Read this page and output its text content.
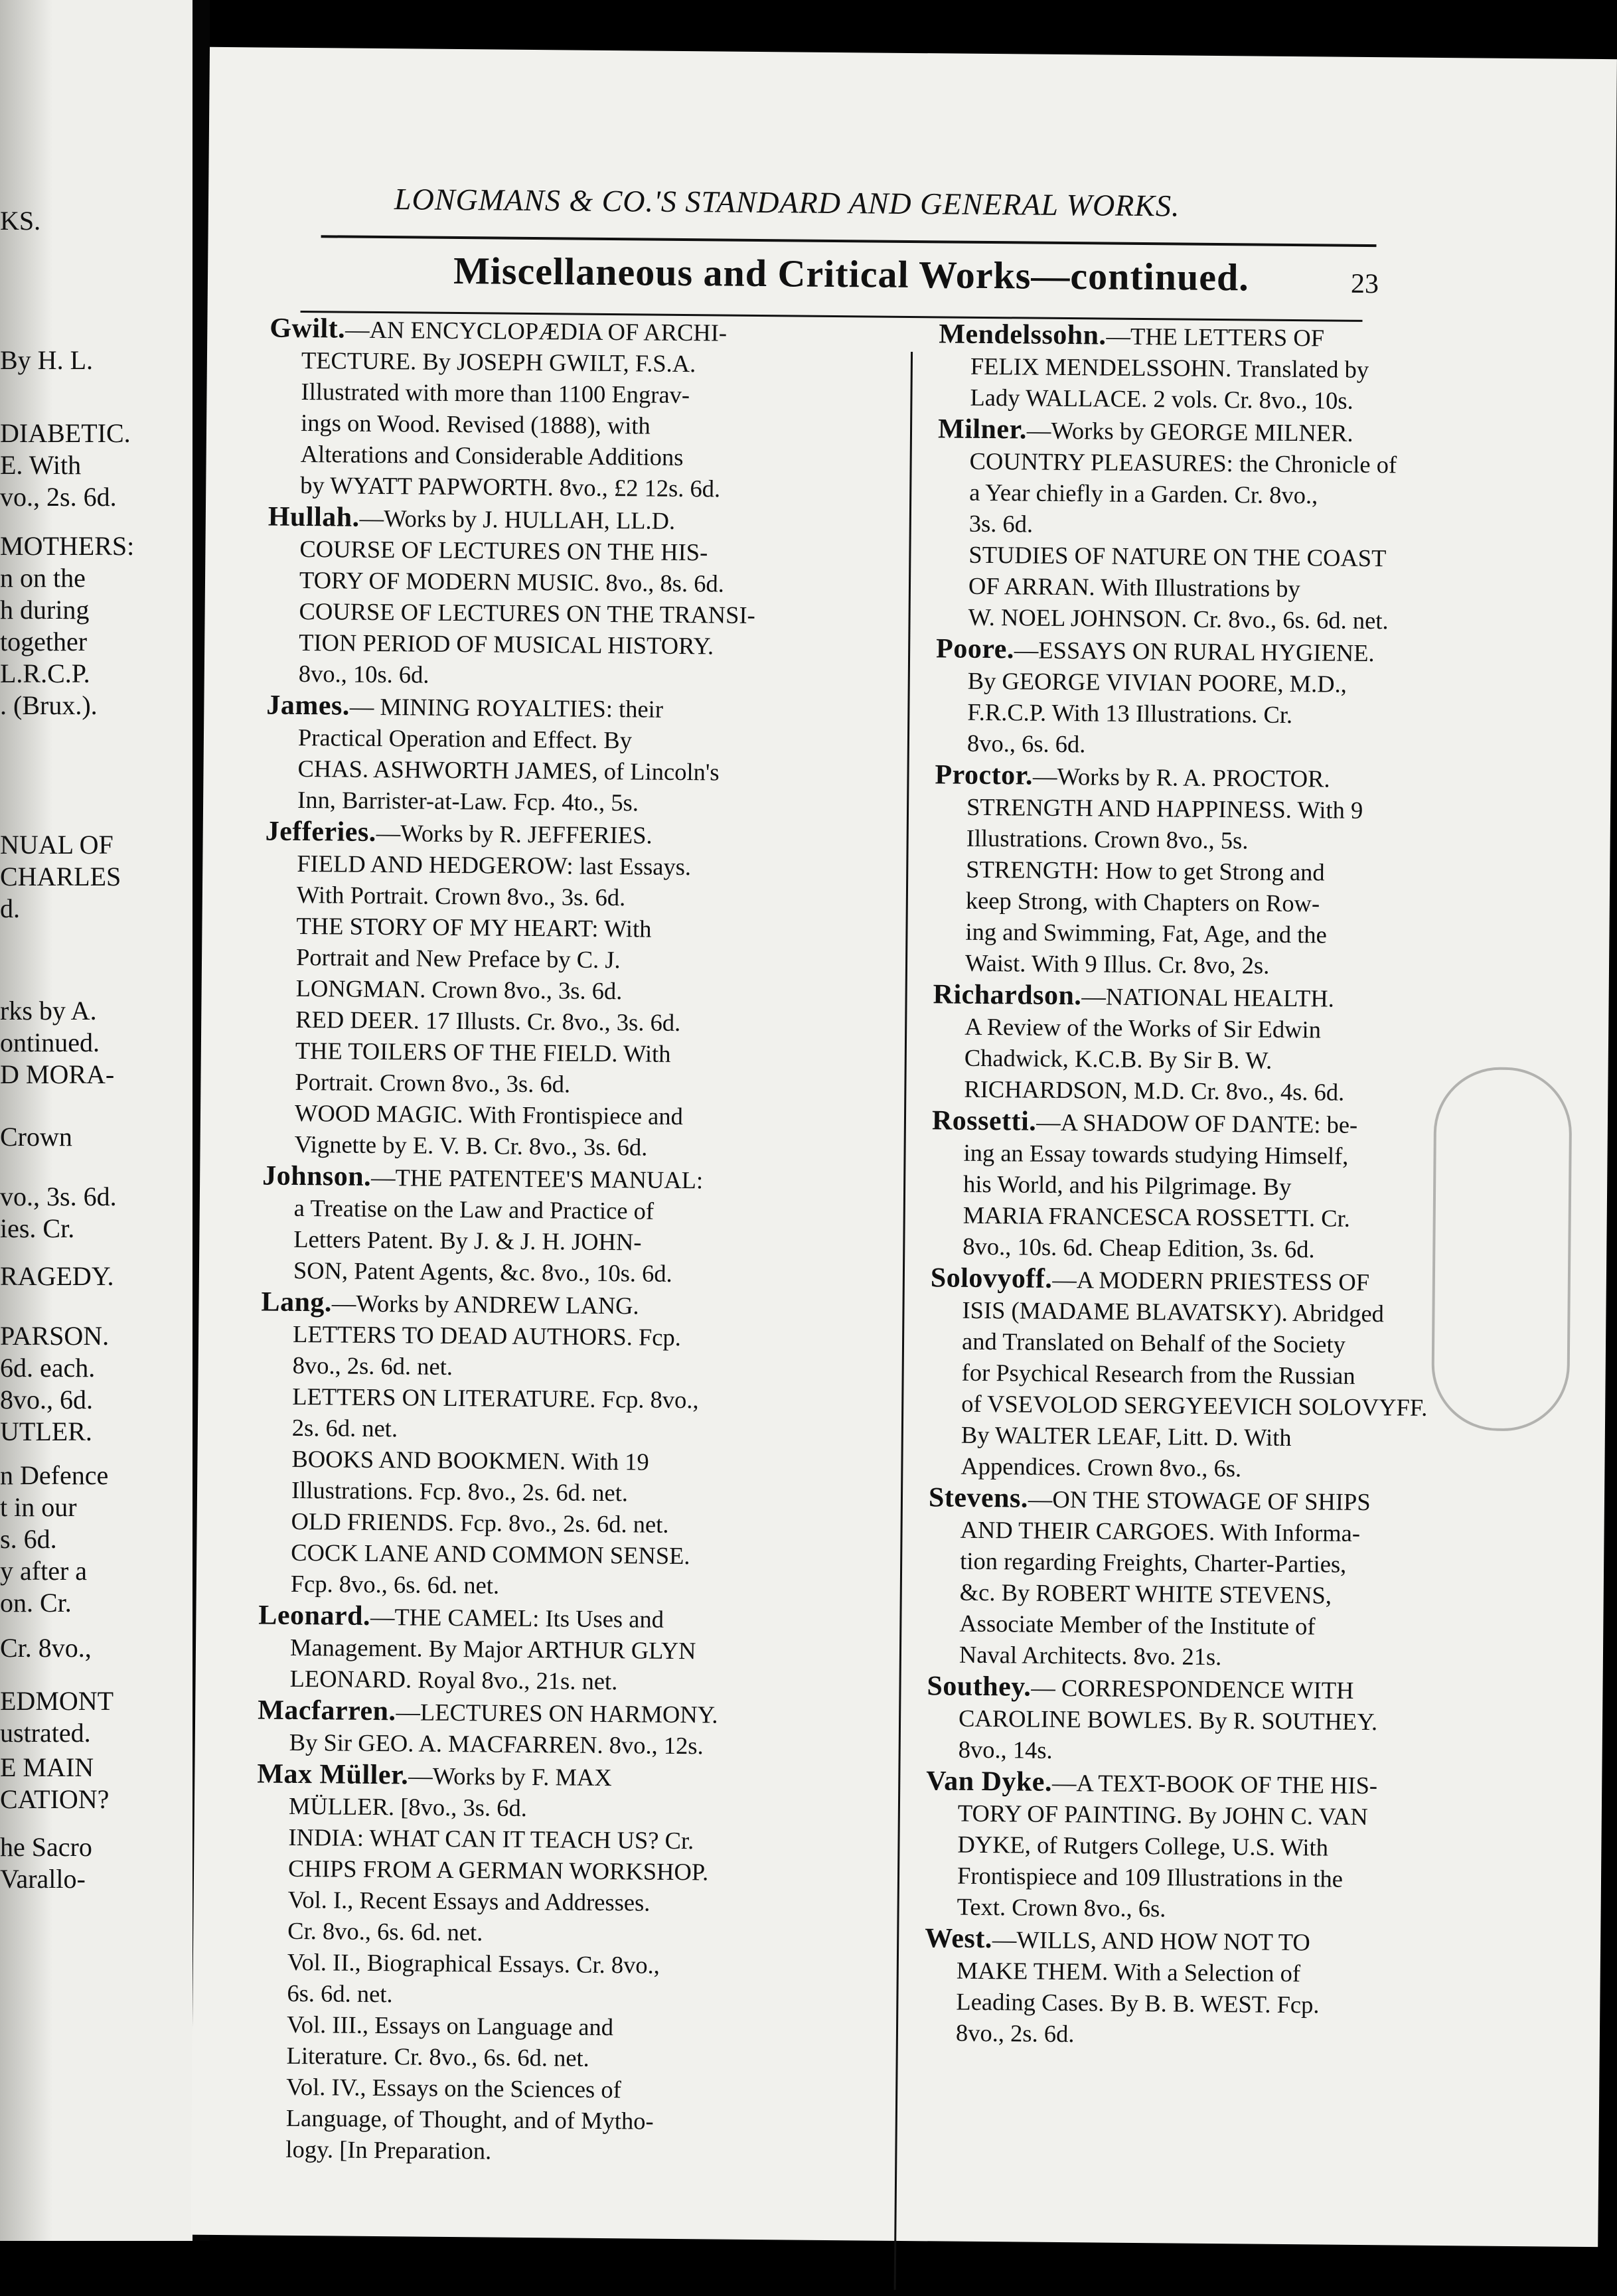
KS.
By H. L.
DIABETIC.
E. With
vo., 2s. 6d.
MOTHERS:
n on the
h during
together
L.R.C.P.
. (Brux.).
NUAL OF
CHARLES
d.
rks by A.
ontinued.
D MORA-
Crown
vo., 3s. 6d.
ies. Cr.
RAGEDY.
PARSON.
6d. each.
8vo., 6d.
UTLER.
n Defence
t in our
s. 6d.
y after a
on. Cr.
Cr. 8vo.,
EDMONT
ustrated.
E MAIN
CATION?
he Sacro
Varallo-
LONGMANS & CO.'S STANDARD AND GENERAL WORKS.
23
Miscellaneous and Critical Works—continued.
Gwilt.—AN ENCYCLOPÆDIA OF ARCHI-
TECTURE. By JOSEPH GWILT, F.S.A.
Illustrated with more than 1100 Engrav-
ings on Wood. Revised (1888), with
Alterations and Considerable Additions
by WYATT PAPWORTH. 8vo., £2 12s. 6d.
Hullah.—Works by J. HULLAH, LL.D.
COURSE OF LECTURES ON THE HIS-
TORY OF MODERN MUSIC. 8vo., 8s. 6d.
COURSE OF LECTURES ON THE TRANSI-
TION PERIOD OF MUSICAL HISTORY.
8vo., 10s. 6d.
James.— MINING ROYALTIES: their
Practical Operation and Effect. By
CHAS. ASHWORTH JAMES, of Lincoln's
Inn, Barrister-at-Law. Fcp. 4to., 5s.
Jefferies.—Works by R. JEFFERIES.
FIELD AND HEDGEROW: last Essays.
With Portrait. Crown 8vo., 3s. 6d.
THE STORY OF MY HEART: With
Portrait and New Preface by C. J.
LONGMAN. Crown 8vo., 3s. 6d.
RED DEER. 17 Illusts. Cr. 8vo., 3s. 6d.
THE TOILERS OF THE FIELD. With
Portrait. Crown 8vo., 3s. 6d.
WOOD MAGIC. With Frontispiece and
Vignette by E. V. B. Cr. 8vo., 3s. 6d.
Johnson.—THE PATENTEE'S MANUAL:
a Treatise on the Law and Practice of
Letters Patent. By J. & J. H. JOHN-
SON, Patent Agents, &c. 8vo., 10s. 6d.
Lang.—Works by ANDREW LANG.
LETTERS TO DEAD AUTHORS. Fcp.
8vo., 2s. 6d. net.
LETTERS ON LITERATURE. Fcp. 8vo.,
2s. 6d. net.
BOOKS AND BOOKMEN. With 19
Illustrations. Fcp. 8vo., 2s. 6d. net.
OLD FRIENDS. Fcp. 8vo., 2s. 6d. net.
COCK LANE AND COMMON SENSE.
Fcp. 8vo., 6s. 6d. net.
Leonard.—THE CAMEL: Its Uses and
Management. By Major ARTHUR GLYN
LEONARD. Royal 8vo., 21s. net.
Macfarren.—LECTURES ON HARMONY.
By Sir GEO. A. MACFARREN. 8vo., 12s.
Max Müller.—Works by F. MAX
MÜLLER. [8vo., 3s. 6d.
INDIA: WHAT CAN IT TEACH US? Cr.
CHIPS FROM A GERMAN WORKSHOP.
Vol. I., Recent Essays and Addresses.
Cr. 8vo., 6s. 6d. net.
Vol. II., Biographical Essays. Cr. 8vo.,
6s. 6d. net.
Vol. III., Essays on Language and
Literature. Cr. 8vo., 6s. 6d. net.
Vol. IV., Essays on the Sciences of
Language, of Thought, and of Mytho-
logy. [In Preparation.
Mendelssohn.—THE LETTERS OF
FELIX MENDELSSOHN. Translated by
Lady WALLACE. 2 vols. Cr. 8vo., 10s.
Milner.—Works by GEORGE MILNER.
COUNTRY PLEASURES: the Chronicle of
a Year chiefly in a Garden. Cr. 8vo.,
3s. 6d.
STUDIES OF NATURE ON THE COAST
OF ARRAN. With Illustrations by
W. NOEL JOHNSON. Cr. 8vo., 6s. 6d. net.
Poore.—ESSAYS ON RURAL HYGIENE.
By GEORGE VIVIAN POORE, M.D.,
F.R.C.P. With 13 Illustrations. Cr.
8vo., 6s. 6d.
Proctor.—Works by R. A. PROCTOR.
STRENGTH AND HAPPINESS. With 9
Illustrations. Crown 8vo., 5s.
STRENGTH: How to get Strong and
keep Strong, with Chapters on Row-
ing and Swimming, Fat, Age, and the
Waist. With 9 Illus. Cr. 8vo, 2s.
Richardson.—NATIONAL HEALTH.
A Review of the Works of Sir Edwin
Chadwick, K.C.B. By Sir B. W.
RICHARDSON, M.D. Cr. 8vo., 4s. 6d.
Rossetti.—A SHADOW OF DANTE: be-
ing an Essay towards studying Himself,
his World, and his Pilgrimage. By
MARIA FRANCESCA ROSSETTI. Cr.
8vo., 10s. 6d. Cheap Edition, 3s. 6d.
Solovyoff.—A MODERN PRIESTESS OF
ISIS (MADAME BLAVATSKY). Abridged
and Translated on Behalf of the Society
for Psychical Research from the Russian
of VSEVOLOD SERGYEEVICH SOLOVYFF.
By WALTER LEAF, Litt. D. With
Appendices. Crown 8vo., 6s.
Stevens.—ON THE STOWAGE OF SHIPS
AND THEIR CARGOES. With Informa-
tion regarding Freights, Charter-Parties,
&c. By ROBERT WHITE STEVENS,
Associate Member of the Institute of
Naval Architects. 8vo. 21s.
Southey.— CORRESPONDENCE WITH
CAROLINE BOWLES. By R. SOUTHEY.
8vo., 14s.
Van Dyke.—A TEXT-BOOK OF THE HIS-
TORY OF PAINTING. By JOHN C. VAN
DYKE, of Rutgers College, U.S. With
Frontispiece and 109 Illustrations in the
Text. Crown 8vo., 6s.
West.—WILLS, AND HOW NOT TO
MAKE THEM. With a Selection of
Leading Cases. By B. B. WEST. Fcp.
8vo., 2s. 6d.
